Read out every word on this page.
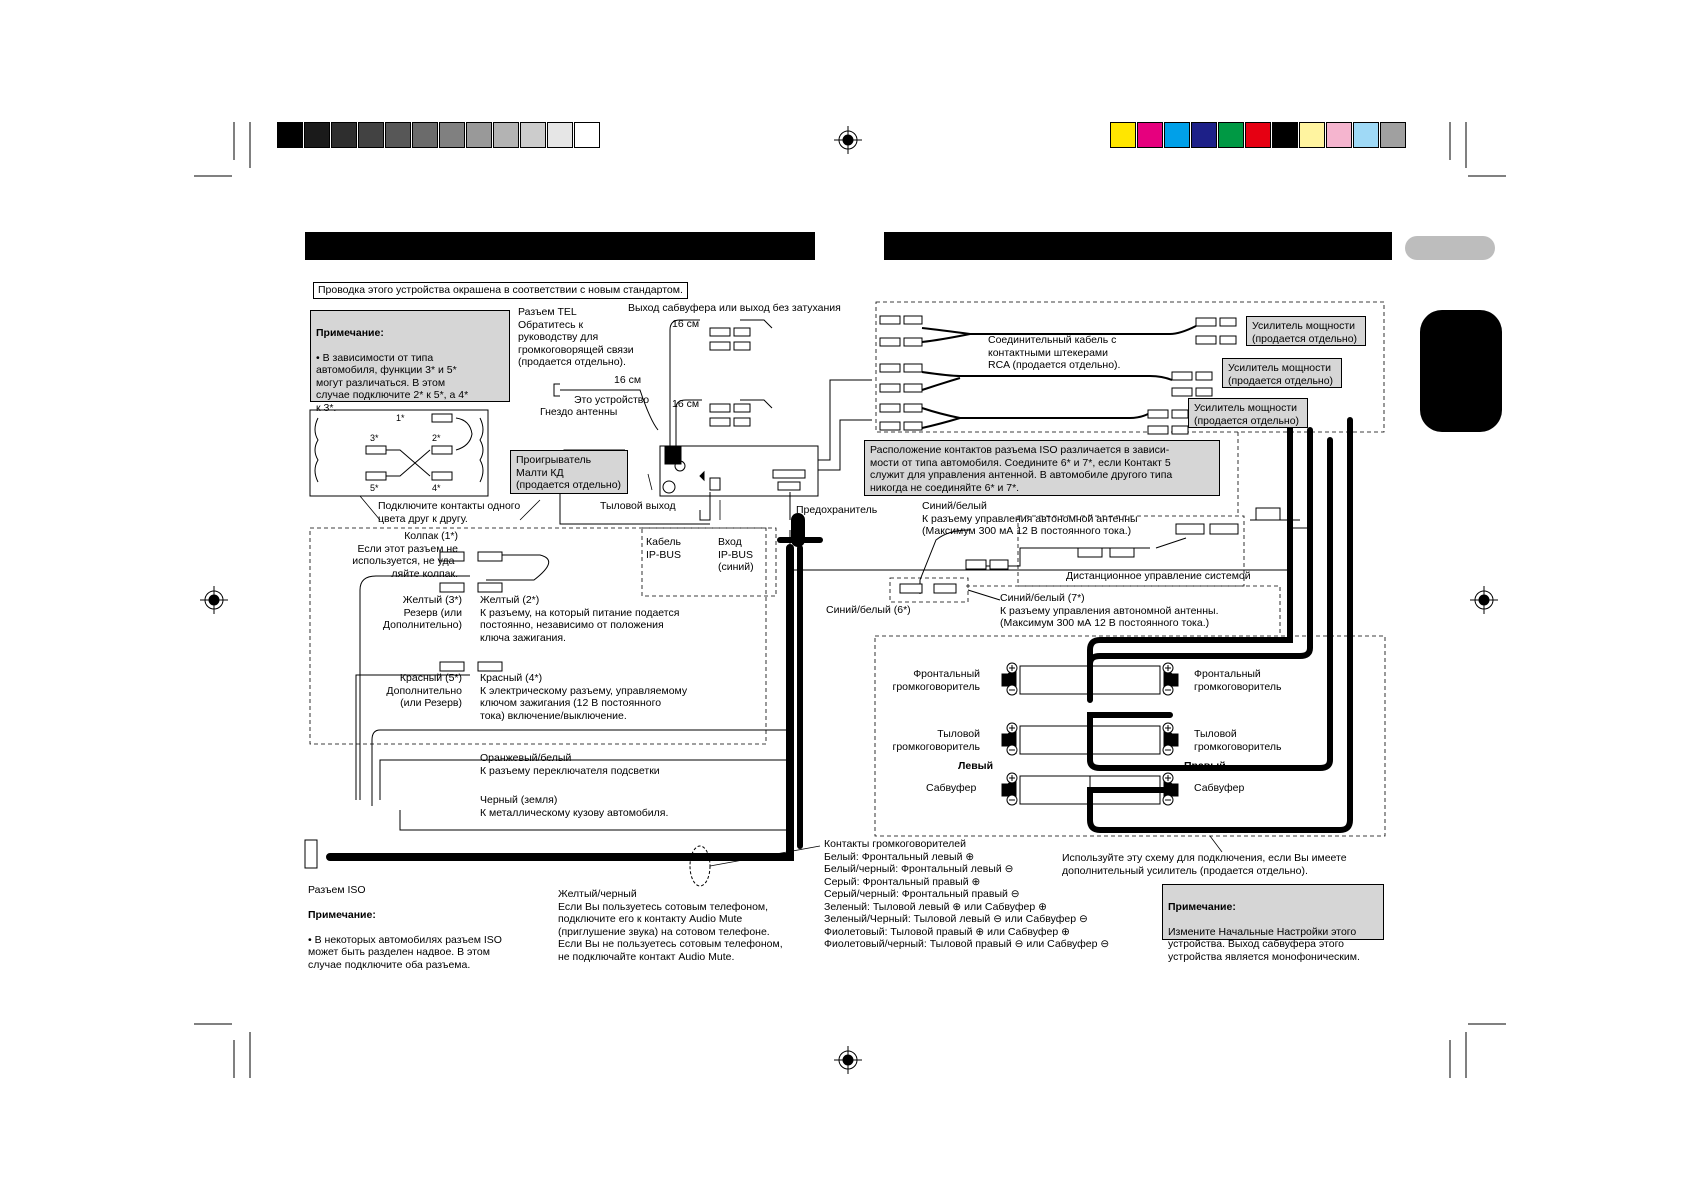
Проводка этого устройства окрашена в соответствии с новым стандартом.

Примечание:

• В зависимости от типа
автомобиля, функции 3* и 5*
могут различаться. В этом
случае подключите 2* к 5*, а 4*
к 3*.

Разъем TEL
Обратитесь к
руководству для
громкоговорящей связи
(продается отдельно).
Выход сабвуфера или выход без затухания
16 см
16 см
16 см
Это устройство
Гнездо антенны
Проигрыватель
Малти КД
(продается отдельно)
Тыловой выход	Предохранитель
Кабель
IP-BUS
Вход
IP-BUS
(синий)
Соединительный кабель с
контактными штекерами
RCA (продается отдельно).
Усилитель мощности
(продается отдельно)
Усилитель мощности
(продается отдельно)
Усилитель мощности
(продается отдельно)
Расположение контактов разъема ISO различается в зависи-
мости от типа автомобиля. Соедините 6* и 7*, если Контакт 5
служит для управления антенной. В автомобиле другого типа
никогда не соединяйте 6* и 7*.
Синий/белый
К разъему управления автономной антенны
(Максимум 300 мА 12 В постоянного тока.)
Дистанционное управление системой
Синий/белый (6*)
Синий/белый (7*)
К разъему управления автономной антенны.
(Максимум 300 мА 12 В постоянного тока.)
1*
3*	2*
5*	4*
Подключите контакты одного
цвета друг к другу.
Колпак (1*)
Если этот разъем не
используется, не уда-
ляйте колпак.
Желтый (3*)
Резерв (или
Дополнительно)
Желтый (2*)
К разъему, на который питание подается
постоянно, независимо от положения
ключа зажигания.
Красный (5*)
Дополнительно
(или Резерв)
Красный (4*)
К электрическому разъему, управляемому
ключом зажигания (12 В постоянного
тока) включение/выключение.
Оранжевый/белый
К разъему переключателя подсветки
Черный (земля)
К металлическому кузову автомобиля.
Разъем ISO

Примечание:

• В некоторых автомобилях разъем ISO
может быть разделен надвое. В этом
случае подключите оба разъема.

Желтый/черный
Если Вы пользуетесь сотовым телефоном,
подключите его к контакту Audio Mute
(приглушение звука) на сотовом телефоне.
Если Вы не пользуетесь сотовым телефоном,
не подключайте контакт Audio Mute.
Контакты громкоговорителей
Белый: Фронтальный левый ⊕
Белый/черный: Фронтальный левый ⊖
Серый: Фронтальный правый ⊕
Серый/черный: Фронтальный правый ⊖
Зеленый: Тыловой левый ⊕ или Сабвуфер ⊕
Зеленый/Черный: Тыловой левый ⊖ или Сабвуфер ⊖
Фиолетовый: Тыловой правый ⊕ или Сабвуфер ⊕
Фиолетовый/черный: Тыловой правый ⊖ или Сабвуфер ⊖
Фронтальный
громкоговоритель
Фронтальный
громкоговоритель
Тыловой
громкоговоритель
Тыловой
громкоговоритель
Левый	Правый
Сабвуфер	Сабвуфер
Используйте эту схему для подключения, если Вы имеете
дополнительный усилитель (продается отдельно).

Примечание:

Измените Начальные Настройки этого
устройства. Выход сабвуфера этого
устройства является монофоническим.
